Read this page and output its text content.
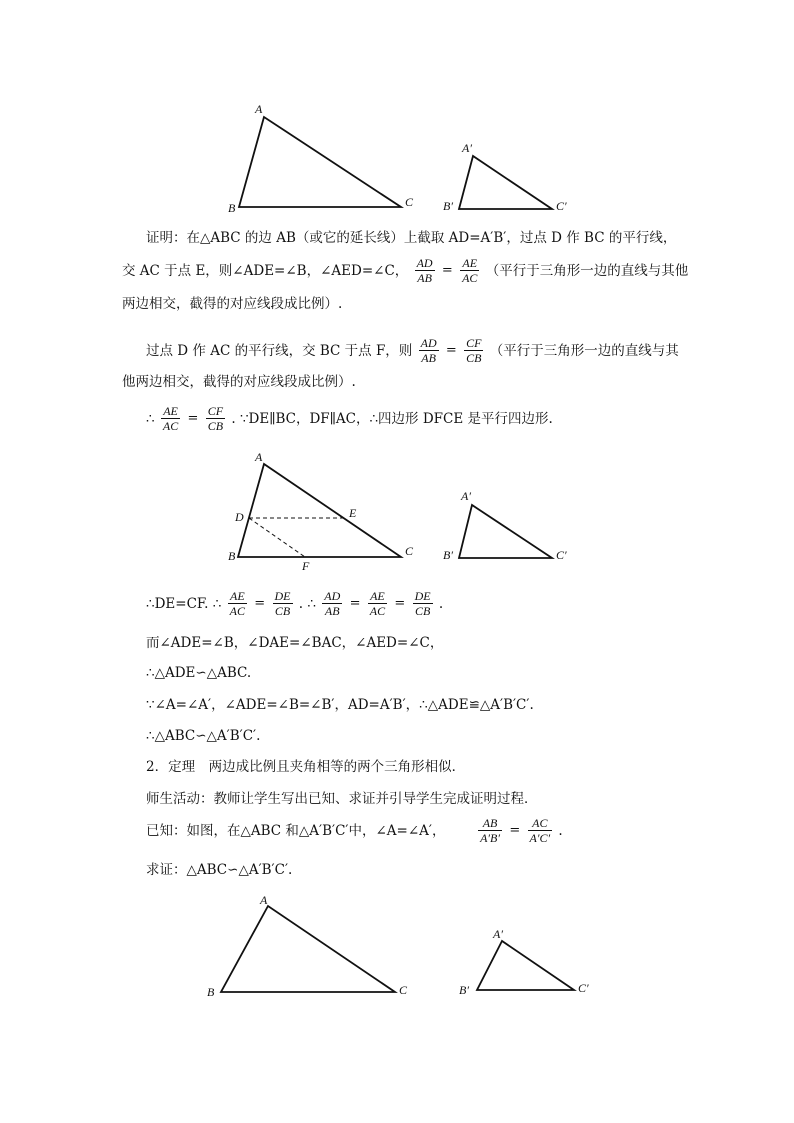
A
B	C
A′
B′	C′
证明：在△ABC 的边 AB（或它的延长线）上截取 AD=A′B′，过点 D 作 BC 的平行线，
交 AC 于点 E，则∠ADE=∠B，∠AED=∠C， $\frac{AD}{AB} = \frac{AE}{AC}$ （平行于三角形一边的直线与其他
两边相交，截得的对应线段成比例）.
过点 D 作 AC 的平行线，交 BC 于点 F，则 $\frac{AD}{AB} = \frac{CF}{CB}$ （平行于三角形一边的直线与其
他两边相交，截得的对应线段成比例）.
∴ $\frac{AE}{AC} = \frac{CF}{CB}$ . ∵DE∥BC，DF∥AC，∴四边形 DFCE 是平行四边形.
A
D	E
B	C
F
A′
B′	C′
∴DE=CF. ∴ $\frac{AE}{AC} = \frac{DE}{CB}$ . ∴ $\frac{AD}{AB} = \frac{AE}{AC} = \frac{DE}{CB}$ .
而∠ADE=∠B，∠DAE=∠BAC，∠AED=∠C，
∴△ADE∽△ABC.
∵∠A=∠A′，∠ADE=∠B=∠B′，AD=A′B′，∴△ADE≌△A′B′C′.
∴△ABC∽△A′B′C′.
2．定理　两边成比例且夹角相等的两个三角形相似．
师生活动：教师让学生写出已知、求证并引导学生完成证明过程．
已知：如图，在△ABC 和△A′B′C′中，∠A=∠A′，	$\frac{AB}{A'B'} = \frac{AC}{A'C'}$ .
求证：△ABC∽△A′B′C′.
A
B	C
A′
B′	C′
